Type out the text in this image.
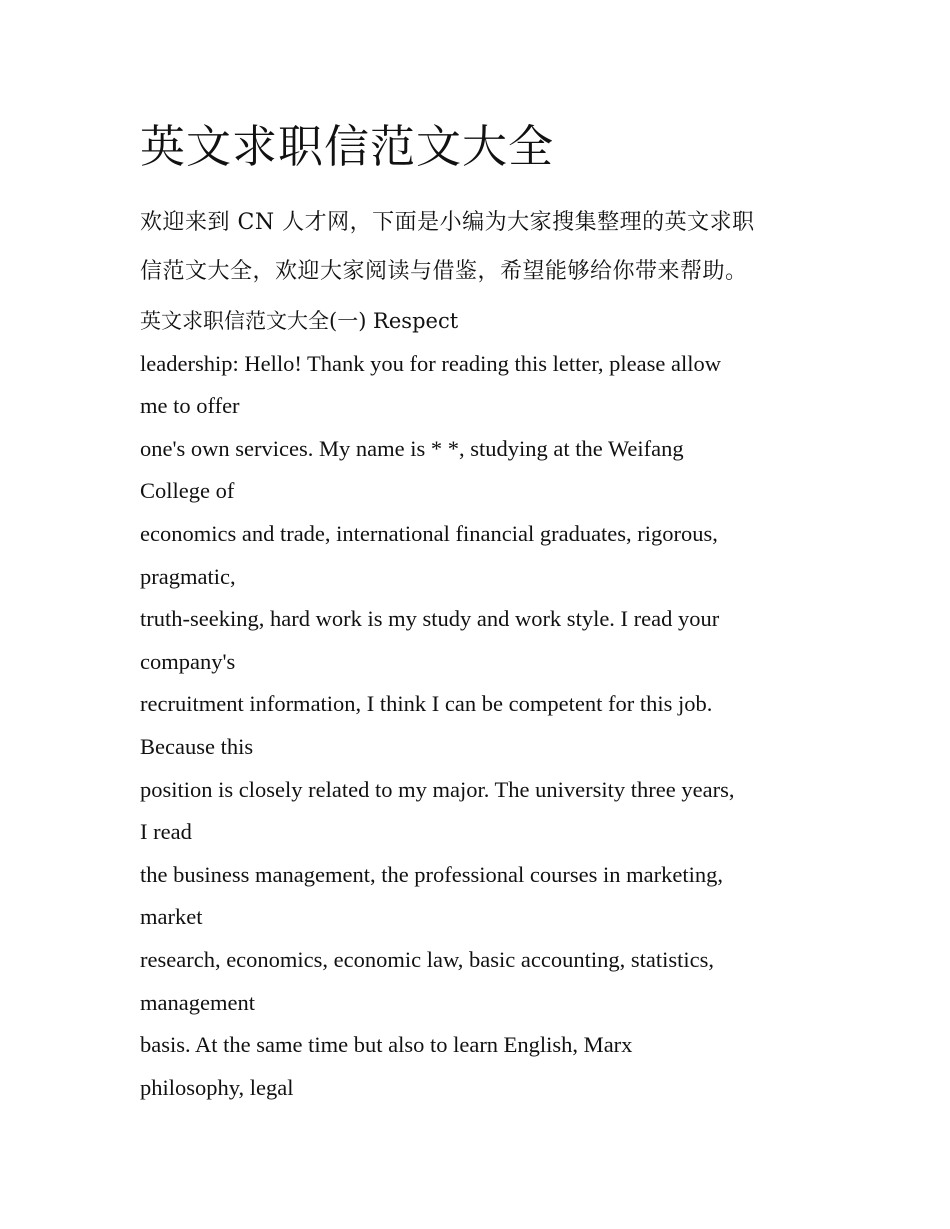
英文求职信范文大全

欢迎来到 CN 人才网，下面是小编为大家搜集整理的英文求职
信范文大全，欢迎大家阅读与借鉴，希望能够给你带来帮助。

英文求职信范文大全(一) Respect
leadership: Hello! Thank you for reading this letter, please allow
me to offer
one's own services. My name is * *, studying at the Weifang
College of
economics and trade, international financial graduates, rigorous,
pragmatic,
truth-seeking, hard work is my study and work style. I read your
company's
recruitment information, I think I can be competent for this job.
Because this
position is closely related to my major. The university three years,
I read
the business management, the professional courses in marketing,
market
research, economics, economic law, basic accounting, statistics,
management
basis. At the same time but also to learn English, Marx
philosophy, legal
